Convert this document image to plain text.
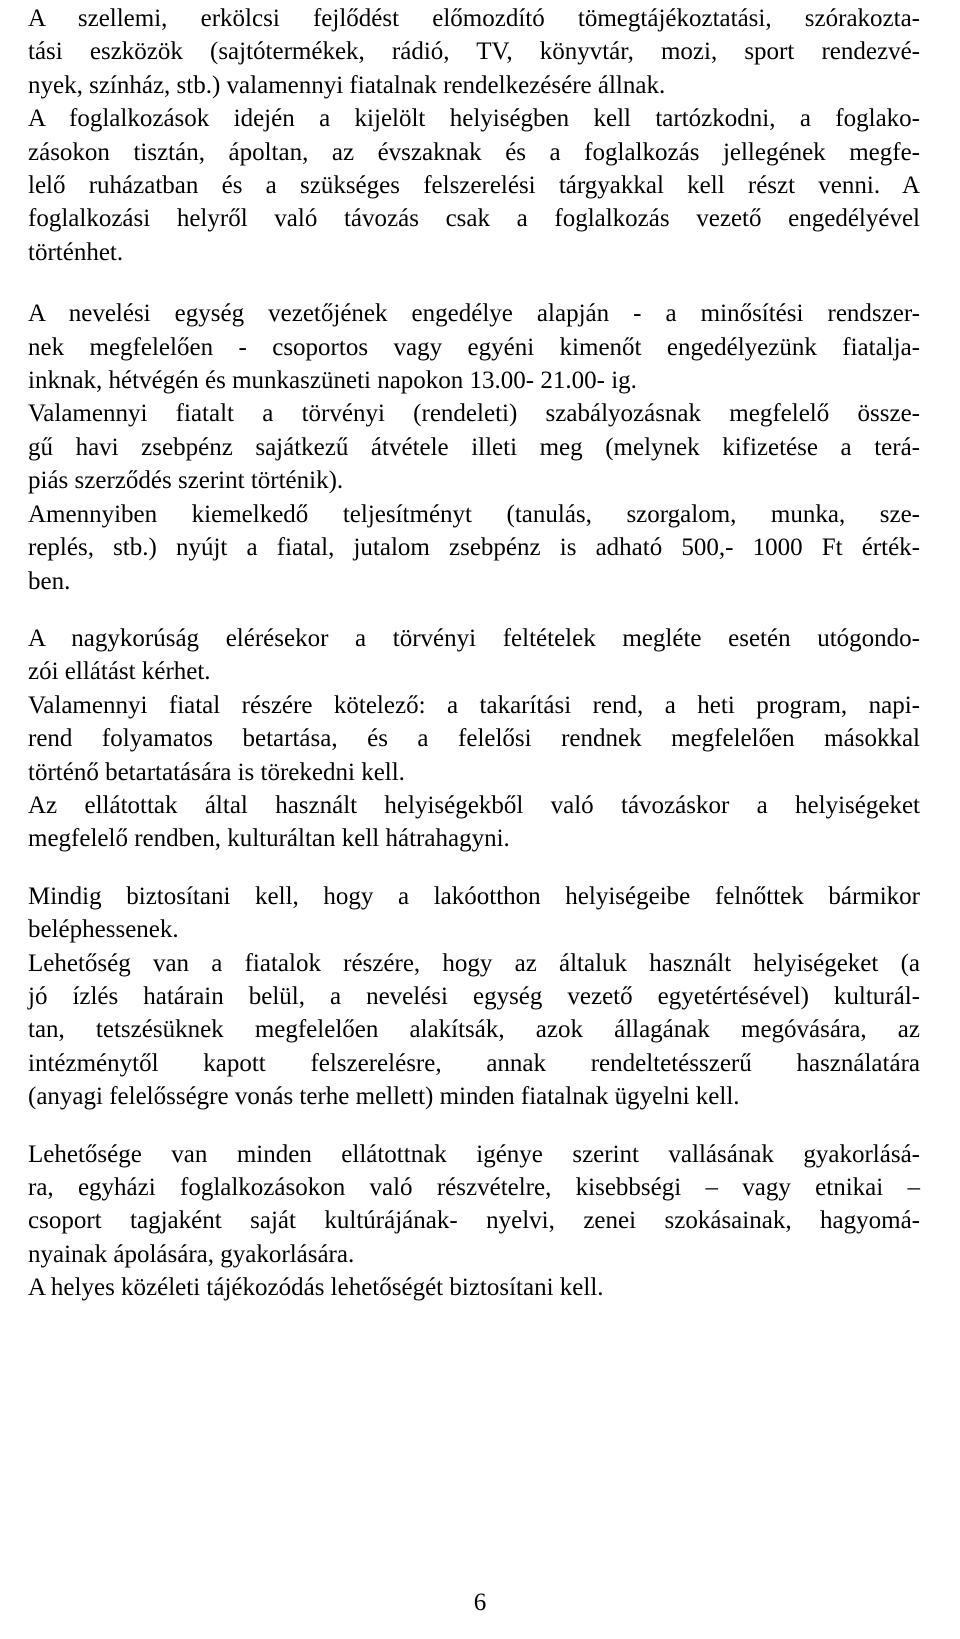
A szellemi, erkölcsi fejlődést előmozdító tömegtájékoztatási, szórakozta-
tási eszközök (sajtótermékek, rádió, TV, könyvtár, mozi, sport rendezvé-
nyek, színház, stb.) valamennyi fiatalnak rendelkezésére állnak.
A foglalkozások idején a kijelölt helyiségben kell tartózkodni, a foglako-
zásokon tisztán, ápoltan, az évszaknak és a foglalkozás jellegének megfe-
lelő ruházatban és a szükséges felszerelési tárgyakkal kell részt venni. A
foglalkozási helyről való távozás csak a foglalkozás vezető engedélyével
történhet.
A nevelési egység vezetőjének engedélye alapján - a minősítési rendszer-
nek megfelelően - csoportos vagy egyéni kimenőt engedélyezünk fiatalja-
inknak, hétvégén és munkaszüneti napokon 13.00- 21.00- ig.
Valamennyi fiatalt a törvényi (rendeleti) szabályozásnak megfelelő össze-
gű havi zsebpénz sajátkezű átvétele illeti meg (melynek kifizetése a terá-
piás szerződés szerint történik).
Amennyiben kiemelkedő teljesítményt (tanulás, szorgalom, munka, sze-
replés, stb.) nyújt a fiatal, jutalom zsebpénz is adható 500,- 1000 Ft érték-
ben.
A nagykorúság elérésekor a törvényi feltételek megléte esetén utógondo-
zói ellátást kérhet.
Valamennyi fiatal részére kötelező: a takarítási rend, a heti program, napi-
rend folyamatos betartása, és a felelősi rendnek megfelelően másokkal
történő betartatására is törekedni kell.
Az ellátottak által használt helyiségekből való távozáskor a helyiségeket
megfelelő rendben, kulturáltan kell hátrahagyni.
Mindig biztosítani kell, hogy a lakóotthon helyiségeibe felnőttek bármikor
beléphessenek.
Lehetőség van a fiatalok részére, hogy az általuk használt helyiségeket (a
jó ízlés határain belül, a nevelési egység vezető egyetértésével) kulturál-
tan, tetszésüknek megfelelően alakítsák, azok állagának megóvására, az
intézménytől kapott felszerelésre, annak rendeltetésszerű használatára
(anyagi felelősségre vonás terhe mellett) minden fiatalnak ügyelni kell.
Lehetősége van minden ellátottnak igénye szerint vallásának gyakorlásá-
ra, egyházi foglalkozásokon való részvételre, kisebbségi – vagy etnikai –
csoport tagjaként saját kultúrájának- nyelvi, zenei szokásainak, hagyomá-
nyainak ápolására, gyakorlására.
A helyes közéleti tájékozódás lehetőségét biztosítani kell.
6
